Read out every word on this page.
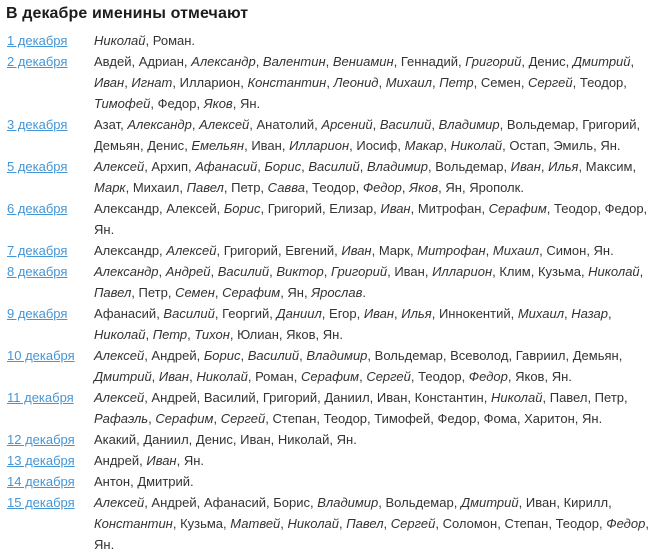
В декабре именины отмечают
1 декабря	Николай, Роман.
2 декабря	Авдей, Адриан, Александр, Валентин, Вениамин, Геннадий, Григорий, Денис, Дмитрий, Иван, Игнат, Илларион, Константин, Леонид, Михаил, Петр, Семен, Сергей, Теодор, Тимофей, Федор, Яков, Ян.
3 декабря	Азат, Александр, Алексей, Анатолий, Арсений, Василий, Владимир, Вольдемар, Григорий, Демьян, Денис, Емельян, Иван, Илларион, Иосиф, Макар, Николай, Остап, Эмиль, Ян.
5 декабря	Алексей, Архип, Афанасий, Борис, Василий, Владимир, Вольдемар, Иван, Илья, Максим, Марк, Михаил, Павел, Петр, Савва, Теодор, Федор, Яков, Ян, Ярополк.
6 декабря	Александр, Алексей, Борис, Григорий, Елизар, Иван, Митрофан, Серафим, Теодор, Федор, Ян.
7 декабря	Александр, Алексей, Григорий, Евгений, Иван, Марк, Митрофан, Михаил, Симон, Ян.
8 декабря	Александр, Андрей, Василий, Виктор, Григорий, Иван, Илларион, Клим, Кузьма, Николай, Павел, Петр, Семен, Серафим, Ян, Ярослав.
9 декабря	Афанасий, Василий, Георгий, Даниил, Егор, Иван, Илья, Иннокентий, Михаил, Назар, Николай, Петр, Тихон, Юлиан, Яков, Ян.
10 декабря	Алексей, Андрей, Борис, Василий, Владимир, Вольдемар, Всеволод, Гавриил, Демьян, Дмитрий, Иван, Николай, Роман, Серафим, Сергей, Теодор, Федор, Яков, Ян.
11 декабря	Алексей, Андрей, Василий, Григорий, Даниил, Иван, Константин, Николай, Павел, Петр, Рафаэль, Серафим, Сергей, Степан, Теодор, Тимофей, Федор, Фома, Харитон, Ян.
12 декабря	Акакий, Даниил, Денис, Иван, Николай, Ян.
13 декабря	Андрей, Иван, Ян.
14 декабря	Антон, Дмитрий.
15 декабря	Алексей, Андрей, Афанасий, Борис, Владимир, Вольдемар, Дмитрий, Иван, Кирилл, Константин, Кузьма, Матвей, Николай, Павел, Сергей, Соломон, Степан, Теодор, Федор, Ян.
